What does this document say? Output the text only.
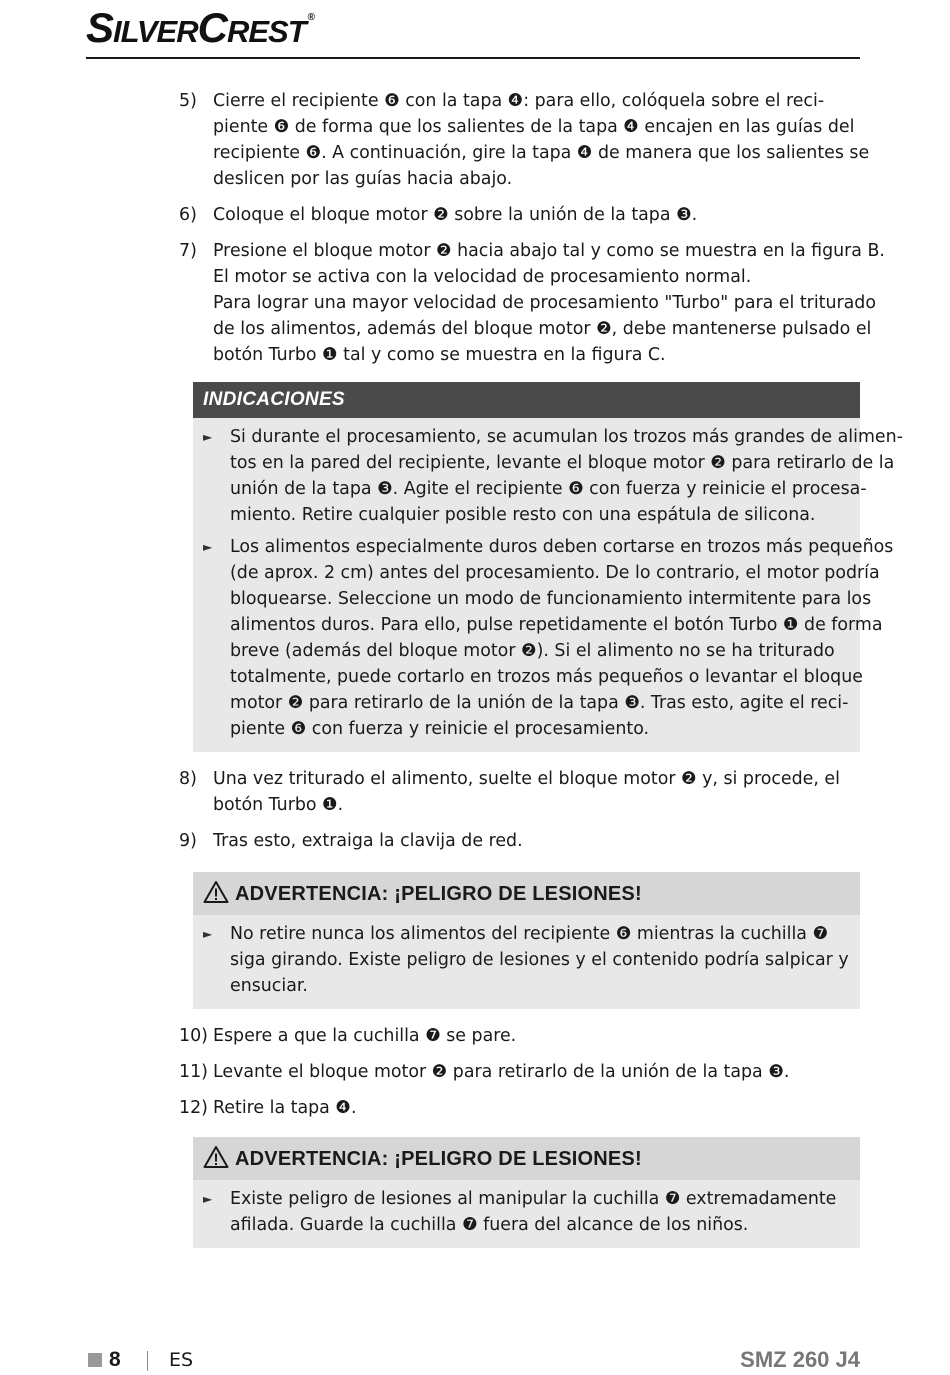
SILVERCREST ®
5) Cierre el recipiente ❻ con la tapa ❹: para ello, colóquela sobre el reci-
piente ❻ de forma que los salientes de la tapa ❹ encajen en las guías del
recipiente ❻. A continuación, gire la tapa ❹ de manera que los salientes se
deslicen por las guías hacia abajo.
6) Coloque el bloque motor ❷ sobre la unión de la tapa ❸.
7) Presione el bloque motor ❷ hacia abajo tal y como se muestra en la figura B.
El motor se activa con la velocidad de procesamiento normal.
Para lograr una mayor velocidad de procesamiento "Turbo" para el triturado
de los alimentos, además del bloque motor ❷, debe mantenerse pulsado el
botón Turbo ❶ tal y como se muestra en la figura C.
INDICACIONES
►	Si durante el procesamiento, se acumulan los trozos más grandes de alimen-
tos en la pared del recipiente, levante el bloque motor ❷ para retirarlo de la
unión de la tapa ❸. Agite el recipiente ❻ con fuerza y reinicie el procesa-
miento. Retire cualquier posible resto con una espátula de silicona.
►	Los alimentos especialmente duros deben cortarse en trozos más pequeños
(de aprox. 2 cm) antes del procesamiento. De lo contrario, el motor podría
bloquearse. Seleccione un modo de funcionamiento intermitente para los
alimentos duros. Para ello, pulse repetidamente el botón Turbo ❶ de forma
breve (además del bloque motor ❷). Si el alimento no se ha triturado
totalmente, puede cortarlo en trozos más pequeños o levantar el bloque
motor ❷ para retirarlo de la unión de la tapa ❸. Tras esto, agite el reci-
piente ❻ con fuerza y reinicie el procesamiento.
8) Una vez triturado el alimento, suelte el bloque motor ❷ y, si procede, el
botón Turbo ❶.
9) Tras esto, extraiga la clavija de red.
ADVERTENCIA: ¡PELIGRO DE LESIONES!
►	No retire nunca los alimentos del recipiente ❻ mientras la cuchilla ❼
siga girando. Existe peligro de lesiones y el contenido podría salpicar y
ensuciar.
10) Espere a que la cuchilla ❼ se pare.
11) Levante el bloque motor ❷ para retirarlo de la unión de la tapa ❸.
12) Retire la tapa ❹.
ADVERTENCIA: ¡PELIGRO DE LESIONES!
►	Existe peligro de lesiones al manipular la cuchilla ❼ extremadamente
afilada. Guarde la cuchilla ❼ fuera del alcance de los niños.
8	ES	SMZ 260 J4
